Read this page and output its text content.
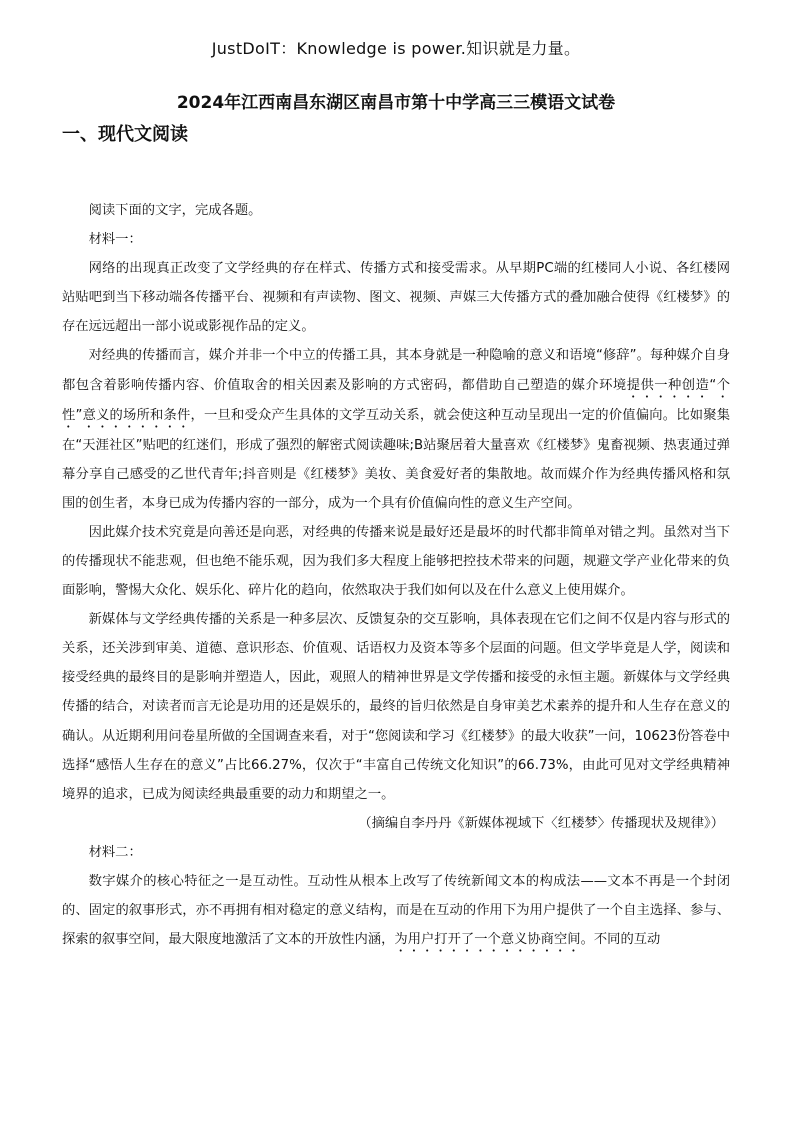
JustDoIT：Knowledge is power.知识就是力量。
2024年江西南昌东湖区南昌市第十中学高三三模语文试卷
一、现代文阅读

阅读下面的文字，完成各题。

材料一：

网络的出现真正改变了文学经典的存在样式、传播方式和接受需求。从早期PC端的红楼同人小说、各红楼网站贴吧到当下移动端各传播平台、视频和有声读物、图文、视频、声媒三大传播方式的叠加融合使得《红楼梦》的存在远远超出一部小说或影视作品的定义。

对经典的传播而言，媒介并非一个中立的传播工具，其本身就是一种隐喻的意义和语境“修辞”。每种媒介自身都包含着影响传播内容、价值取舍的相关因素及影响的方式密码，都借助自己塑造的媒介环境提供一种创造“个性”意义的场所和条件，一旦和受众产生具体的文学互动关系，就会使这种互动呈现出一定的价值偏向。比如聚集在“天涯社区”贴吧的红迷们，形成了强烈的解密式阅读趣味;B站聚居着大量喜欢《红楼梦》鬼畜视频、热衷通过弹幕分享自己感受的乙世代青年;抖音则是《红楼梦》美妆、美食爱好者的集散地。故而媒介作为经典传播风格和氛围的创生者，本身已成为传播内容的一部分，成为一个具有价值偏向性的意义生产空间。

因此媒介技术究竟是向善还是向恶，对经典的传播来说是最好还是最坏的时代都非简单对错之判。虽然对当下的传播现状不能悲观，但也绝不能乐观，因为我们多大程度上能够把控技术带来的问题，规避文学产业化带来的负面影响，警惕大众化、娱乐化、碎片化的趋向，依然取决于我们如何以及在什么意义上使用媒介。

新媒体与文学经典传播的关系是一种多层次、反馈复杂的交互影响，具体表现在它们之间不仅是内容与形式的关系，还关涉到审美、道德、意识形态、价值观、话语权力及资本等多个层面的问题。但文学毕竟是人学，阅读和接受经典的最终目的是影响并塑造人，因此，观照人的精神世界是文学传播和接受的永恒主题。新媒体与文学经典传播的结合，对读者而言无论是功用的还是娱乐的，最终的旨归依然是自身审美艺术素养的提升和人生存在意义的确认。从近期利用问卷星所做的全国调查来看，对于“您阅读和学习《红楼梦》的最大收获”一问，10623份答卷中选择“感悟人生存在的意义”占比66.27%，仅次于“丰富自己传统文化知识”的66.73%，由此可见对文学经典精神境界的追求，已成为阅读经典最重要的动力和期望之一。

（摘编自李丹丹《新媒体视域下〈红楼梦〉传播现状及规律》）

材料二：

数字媒介的核心特征之一是互动性。互动性从根本上改写了传统新闻文本的构成法——文本不再是一个封闭的、固定的叙事形式，亦不再拥有相对稳定的意义结构，而是在互动的作用下为用户提供了一个自主选择、参与、探索的叙事空间，最大限度地激活了文本的开放性内涵，为用户打开了一个意义协商空间。不同的互动
